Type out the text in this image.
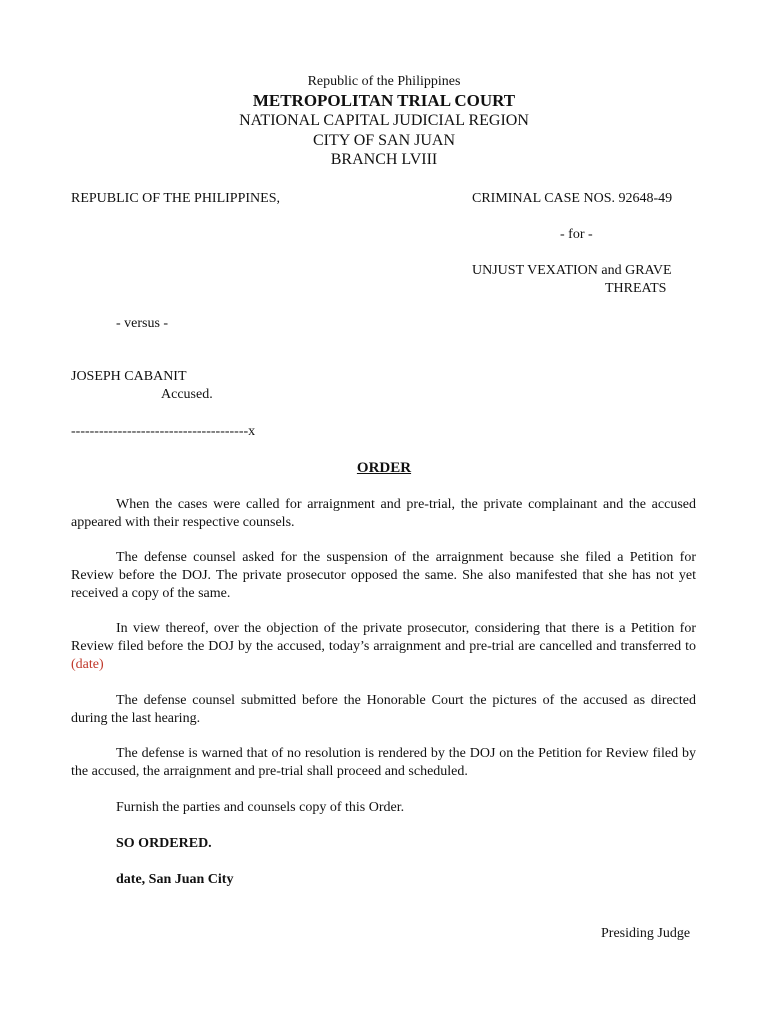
Republic of the Philippines
METROPOLITAN TRIAL COURT
NATIONAL CAPITAL JUDICIAL REGION
CITY OF SAN JUAN
BRANCH LVIII
REPUBLIC OF THE PHILIPPINES,	CRIMINAL CASE NOS. 92648-49
- for -
UNJUST VEXATION and GRAVE
THREATS
- versus -
JOSEPH CABANIT
Accused.
--------------------------------------x
ORDER

When the cases were called for arraignment and pre-trial, the private complainant and the accused appeared with their respective counsels.

The defense counsel asked for the suspension of the arraignment because she filed a Petition for Review before the DOJ. The private prosecutor opposed the same. She also manifested that she has not yet received a copy of the same.

In view thereof, over the objection of the private prosecutor, considering that there is a Petition for Review filed before the DOJ by the accused, today’s arraignment and pre-trial are cancelled and transferred to (date)

The defense counsel submitted before the Honorable Court the pictures of the accused as directed during the last hearing.

The defense is warned that of no resolution is rendered by the DOJ on the Petition for Review filed by the accused, the arraignment and pre-trial shall proceed and scheduled.

Furnish the parties and counsels copy of this Order.

SO ORDERED.
date, San Juan City
Presiding Judge
